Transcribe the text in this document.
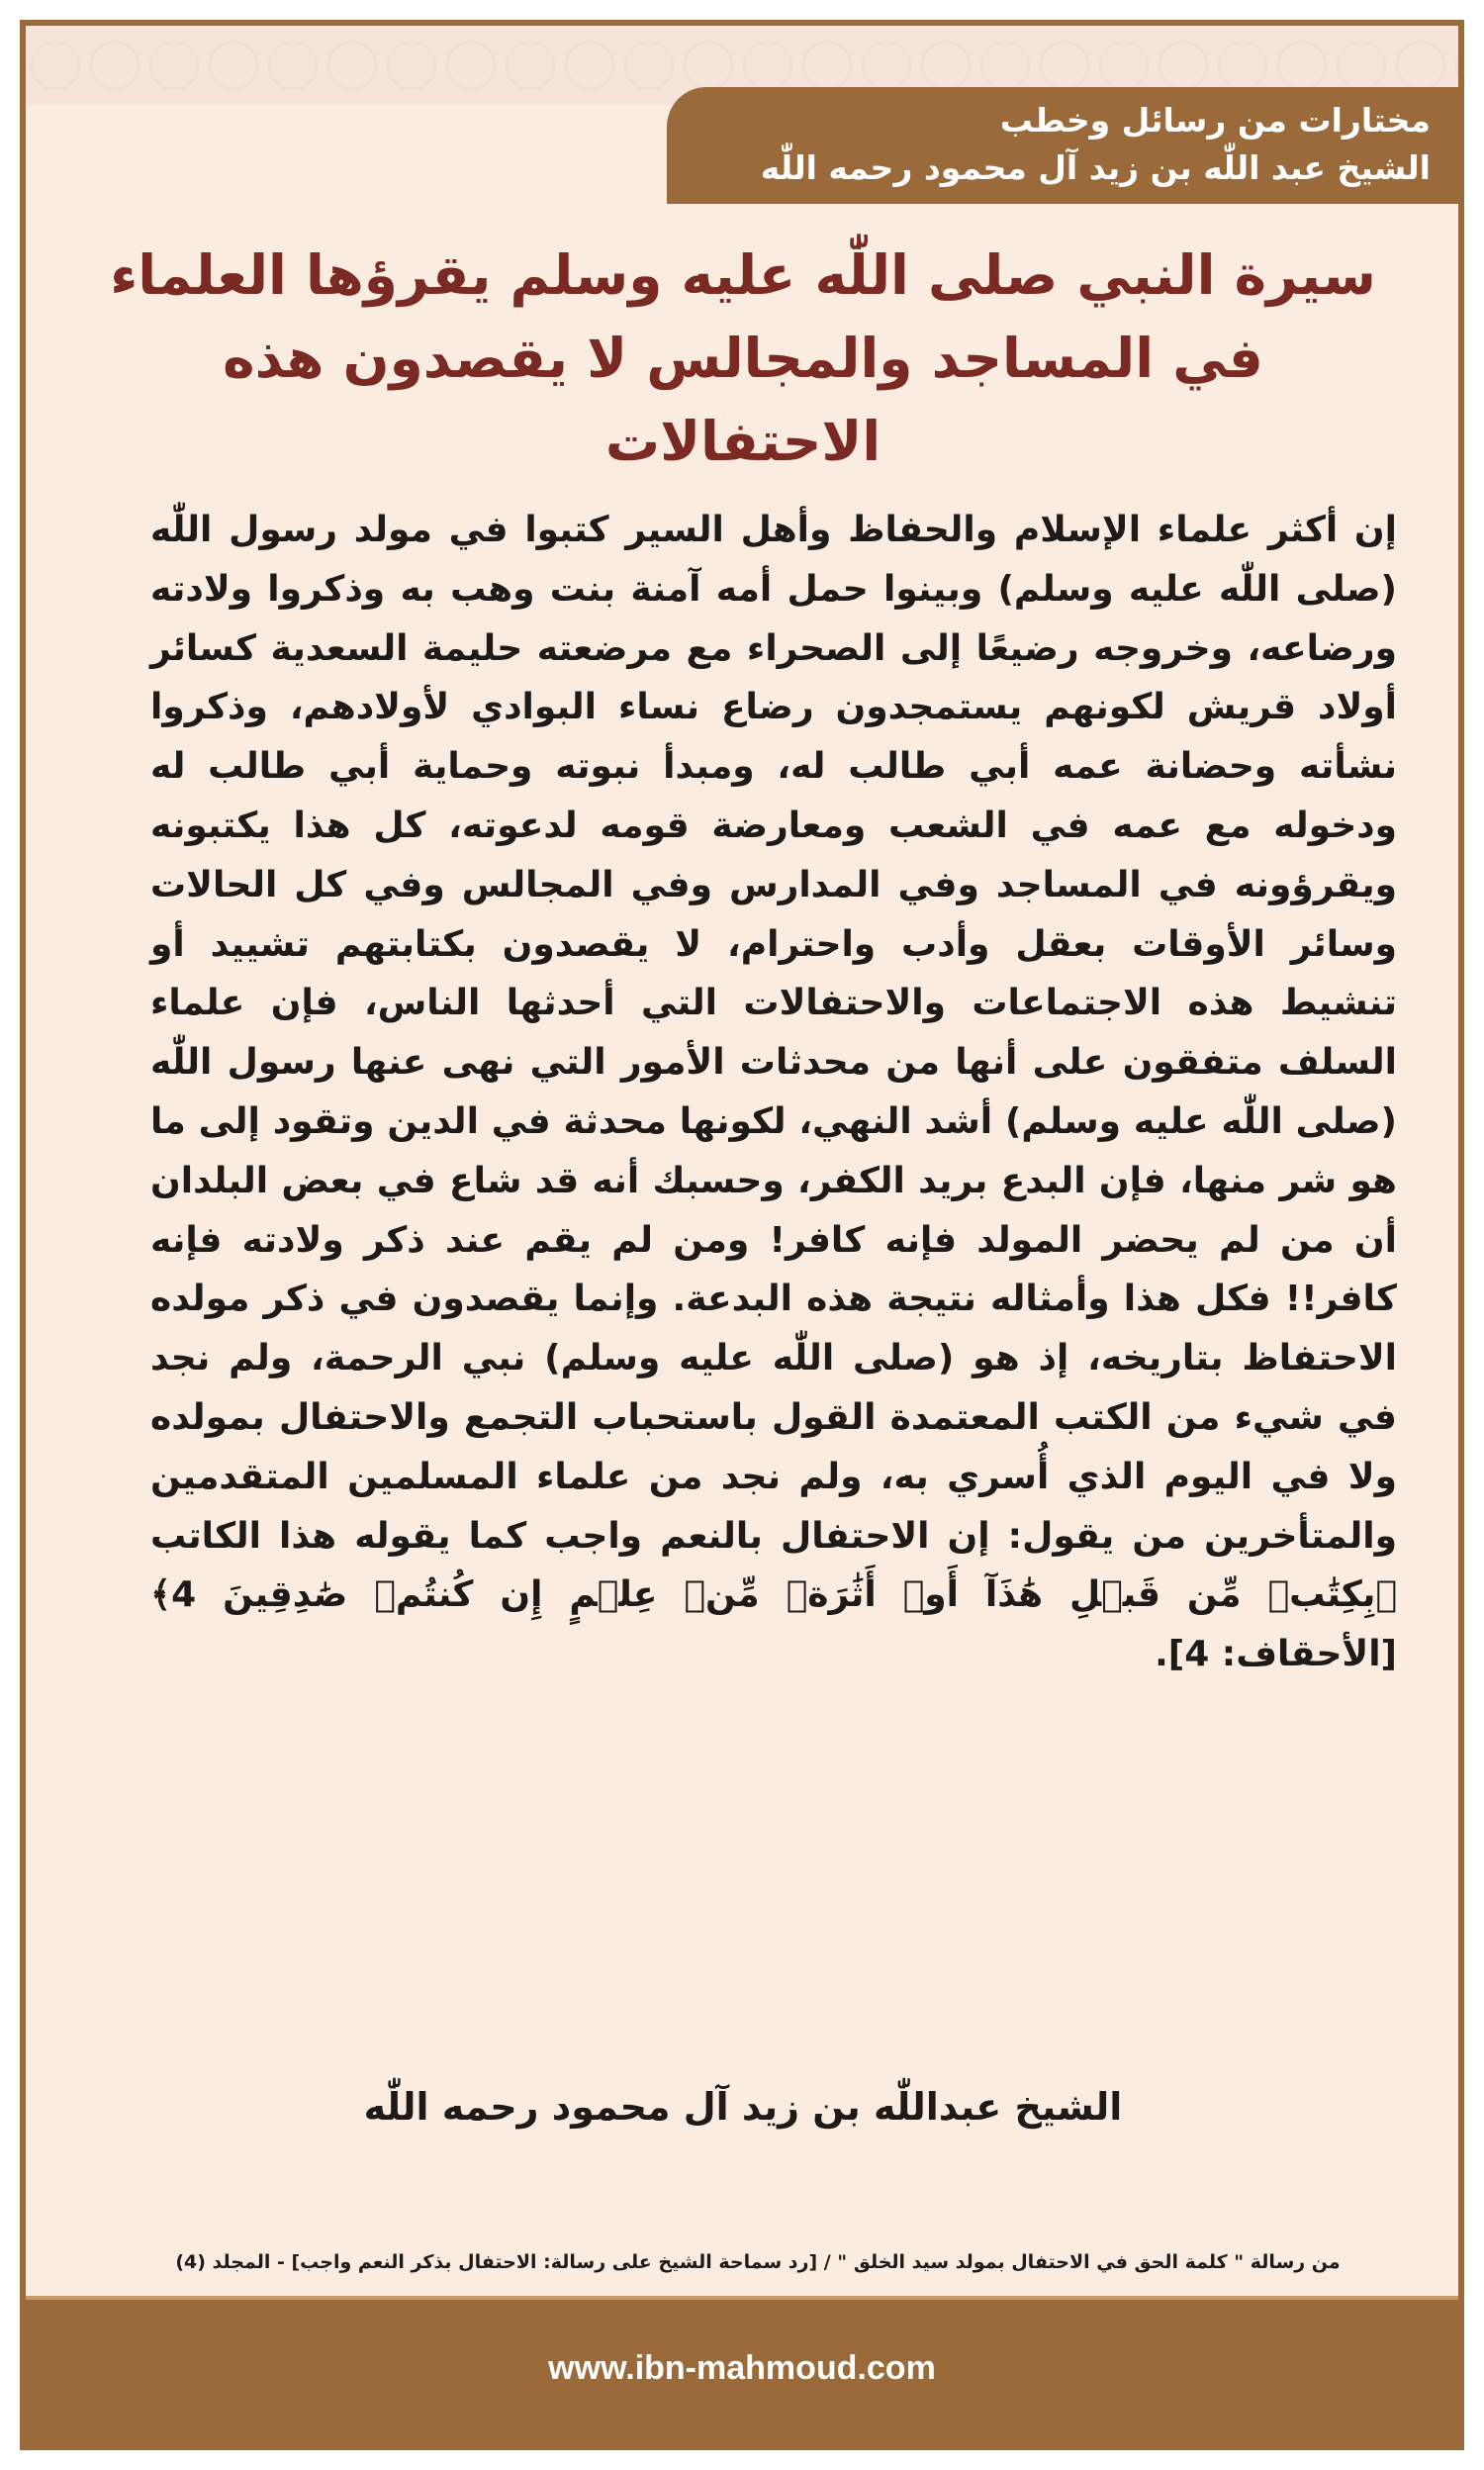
مختارات من رسائل وخطب
الشيخ عبد اللّٰه بن زيد آل محمود رحمه اللّٰه
سيرة النبي صلى اللّٰه عليه وسلم يقرؤها العلماء في المساجد والمجالس لا يقصدون هذه الاحتفالات
إن أكثر علماء الإسلام والحفاظ وأهل السير كتبوا في مولد رسول اللّٰه (صلى اللّٰه عليه وسلم) وبينوا حمل أمه آمنة بنت وهب به وذكروا ولادته ورضاعه، وخروجه رضيعًا إلى الصحراء مع مرضعته حليمة السعدية كسائر أولاد قريش لكونهم يستمجدون رضاع نساء البوادي لأولادهم، وذكروا نشأته وحضانة عمه أبي طالب له، ومبدأ نبوته وحماية أبي طالب له ودخوله مع عمه في الشعب ومعارضة قومه لدعوته، كل هذا يكتبونه ويقرؤونه في المساجد وفي المدارس وفي المجالس وفي كل الحالات وسائر الأوقات بعقل وأدب واحترام، لا يقصدون بكتابتهم تشييد أو تنشيط هذه الاجتماعات والاحتفالات التي أحدثها الناس، فإن علماء السلف متفقون على أنها من محدثات الأمور التي نهى عنها رسول اللّٰه (صلى اللّٰه عليه وسلم) أشد النهي، لكونها محدثة في الدين وتقود إلى ما هو شر منها، فإن البدع بريد الكفر، وحسبك أنه قد شاع في بعض البلدان أن من لم يحضر المولد فإنه كافر! ومن لم يقم عند ذكر ولادته فإنه كافر!! فكل هذا وأمثاله نتيجة هذه البدعة. وإنما يقصدون في ذكر مولده الاحتفاظ بتاريخه، إذ هو (صلى اللّٰه عليه وسلم) نبي الرحمة، ولم نجد في شيء من الكتب المعتمدة القول باستحباب التجمع والاحتفال بمولده ولا في اليوم الذي أُسري به، ولم نجد من علماء المسلمين المتقدمين والمتأخرين من يقول: إن الاحتفال بالنعم واجب كما يقوله هذا الكاتب ﴿بِكِتَٰبٖ مِّن قَبۡلِ هَٰذَآ أَوۡ أَثَٰرَةٖ مِّنۡ عِلۡمٍ إِن كُنتُمۡ صَٰدِقِينَ 4﴾ [الأحقاف: 4].
الشيخ عبداللّٰه بن زيد آل محمود رحمه اللّٰه
من رسالة " كلمة الحق في الاحتفال بمولد سيد الخلق " / [رد سماحة الشيخ على رسالة: الاحتفال بذكر النعم واجب] - المجلد (4)
www.ibn-mahmoud.com
